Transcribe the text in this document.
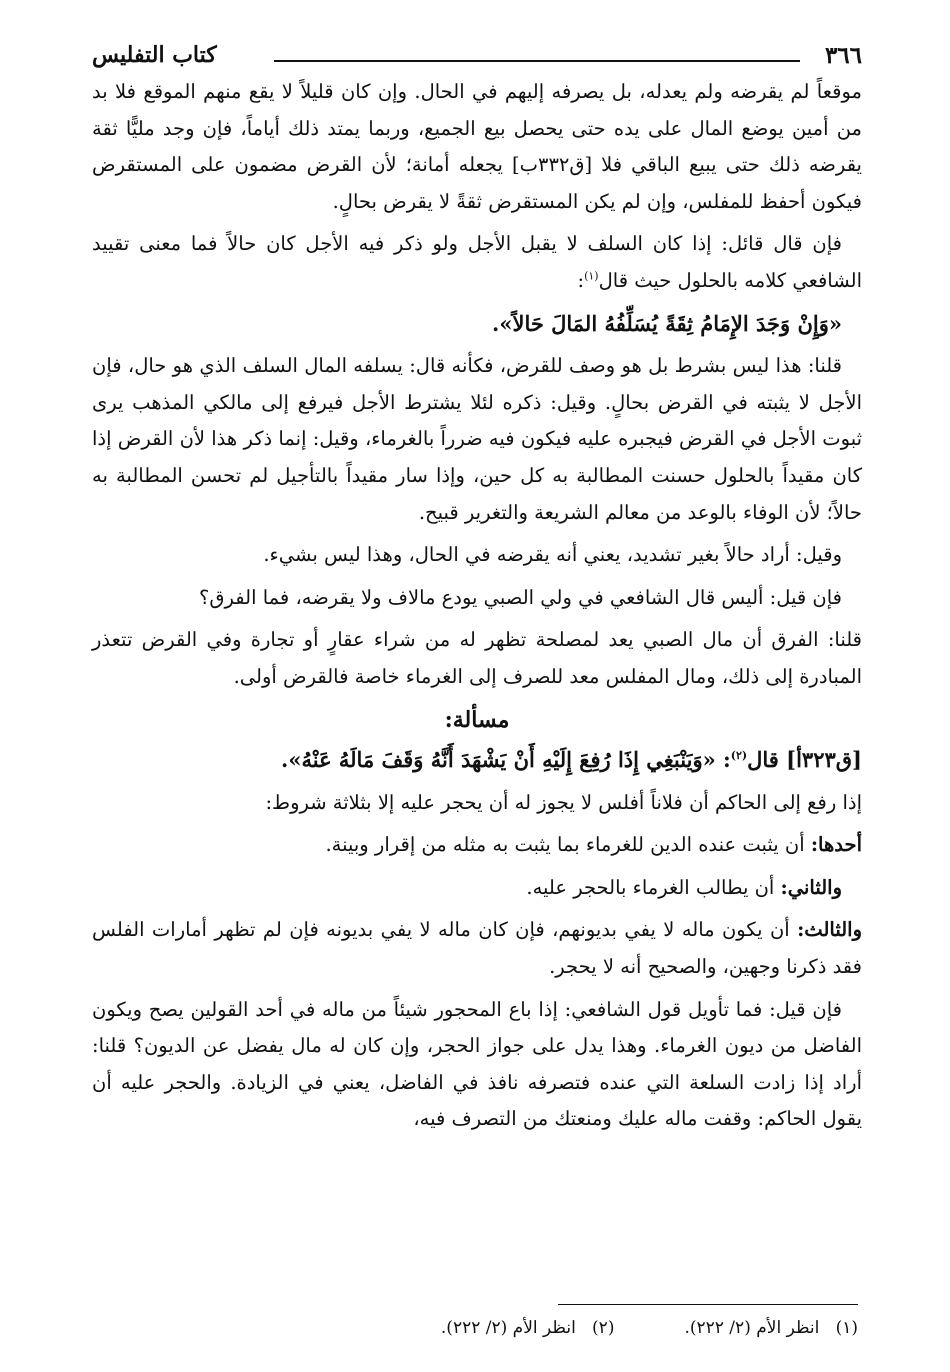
٣٦٦
كتاب التفليس

موقعاً لم يقرضه ولم يعدله، بل يصرفه إليهم في الحال. وإن كان قليلاً لا يقع منهم الموقع فلا بد من أمين يوضع المال على يده حتى يحصل بيع الجميع، وربما يمتد ذلك أياماً، فإن وجد مليًّا ثقة يقرضه ذلك حتى يبيع الباقي فلا [ق٣٣٢ب] يجعله أمانة؛ لأن القرض مضمون على المستقرض فيكون أحفظ للمفلس، وإن لم يكن المستقرض ثقةً لا يقرض بحالٍ.

فإن قال قائل: إذا كان السلف لا يقبل الأجل ولو ذكر فيه الأجل كان حالاً فما معنى تقييد الشافعي كلامه بالحلول حيث قال$^{(١)}$:

«وَإِنْ وَجَدَ الإِمَامُ ثِقَةً يُسَلِّفُهُ المَالَ حَالاً».

قلنا: هذا ليس بشرط بل هو وصف للقرض، فكأنه قال: يسلفه المال السلف الذي هو حال، فإن الأجل لا يثبته في القرض بحالٍ. وقيل: ذكره لئلا يشترط الأجل فيرفع إلى مالكي المذهب يرى ثبوت الأجل في القرض فيجبره عليه فيكون فيه ضرراً بالغرماء، وقيل: إنما ذكر هذا لأن القرض إذا كان مقيداً بالحلول حسنت المطالبة به كل حين، وإذا سار مقيداً بالتأجيل لم تحسن المطالبة به حالاً؛ لأن الوفاء بالوعد من معالم الشريعة والتغرير قبيح.

وقيل: أراد حالاً بغير تشديد، يعني أنه يقرضه في الحال، وهذا ليس بشيء.

فإن قيل: أليس قال الشافعي في ولي الصبي يودع مالاف ولا يقرضه، فما الفرق؟

قلنا: الفرق أن مال الصبي يعد لمصلحة تظهر له من شراء عقارٍ أو تجارة وفي القرض تتعذر المبادرة إلى ذلك، ومال المفلس معد للصرف إلى الغرماء خاصة فالقرض أولى.

مسألة:

[ق٣٢٣أ] قال$^{(٢)}$: «وَيَنْبَغِي إِذَا رُفِعَ إِلَيْهِ أَنْ يَشْهَدَ أَنَّهُ وَقَفَ مَالَهُ عَنْهُ».

إذا رفع إلى الحاكم أن فلاناً أفلس لا يجوز له أن يحجر عليه إلا بثلاثة شروط:

أحدها: أن يثبت عنده الدين للغرماء بما يثبت به مثله من إقرار وبينة.

والثاني: أن يطالب الغرماء بالحجر عليه.

والثالث: أن يكون ماله لا يفي بديونهم، فإن كان ماله لا يفي بديونه فإن لم تظهر أمارات الفلس فقد ذكرنا وجهين، والصحيح أنه لا يحجر.

فإن قيل: فما تأويل قول الشافعي: إذا باع المحجور شيئاً من ماله في أحد القولين يصح ويكون الفاضل من ديون الغرماء. وهذا يدل على جواز الحجر، وإن كان له مال يفضل عن الديون؟ قلنا: أراد إذا زادت السلعة التي عنده فتصرفه نافذ في الفاضل، يعني في الزيادة. والحجر عليه أن يقول الحاكم: وقفت ماله عليك ومنعتك من التصرف فيه،

(١)   انظر الأم (٢/ ٢٢٢).
(٢)   انظر الأم (٢/ ٢٢٢).
